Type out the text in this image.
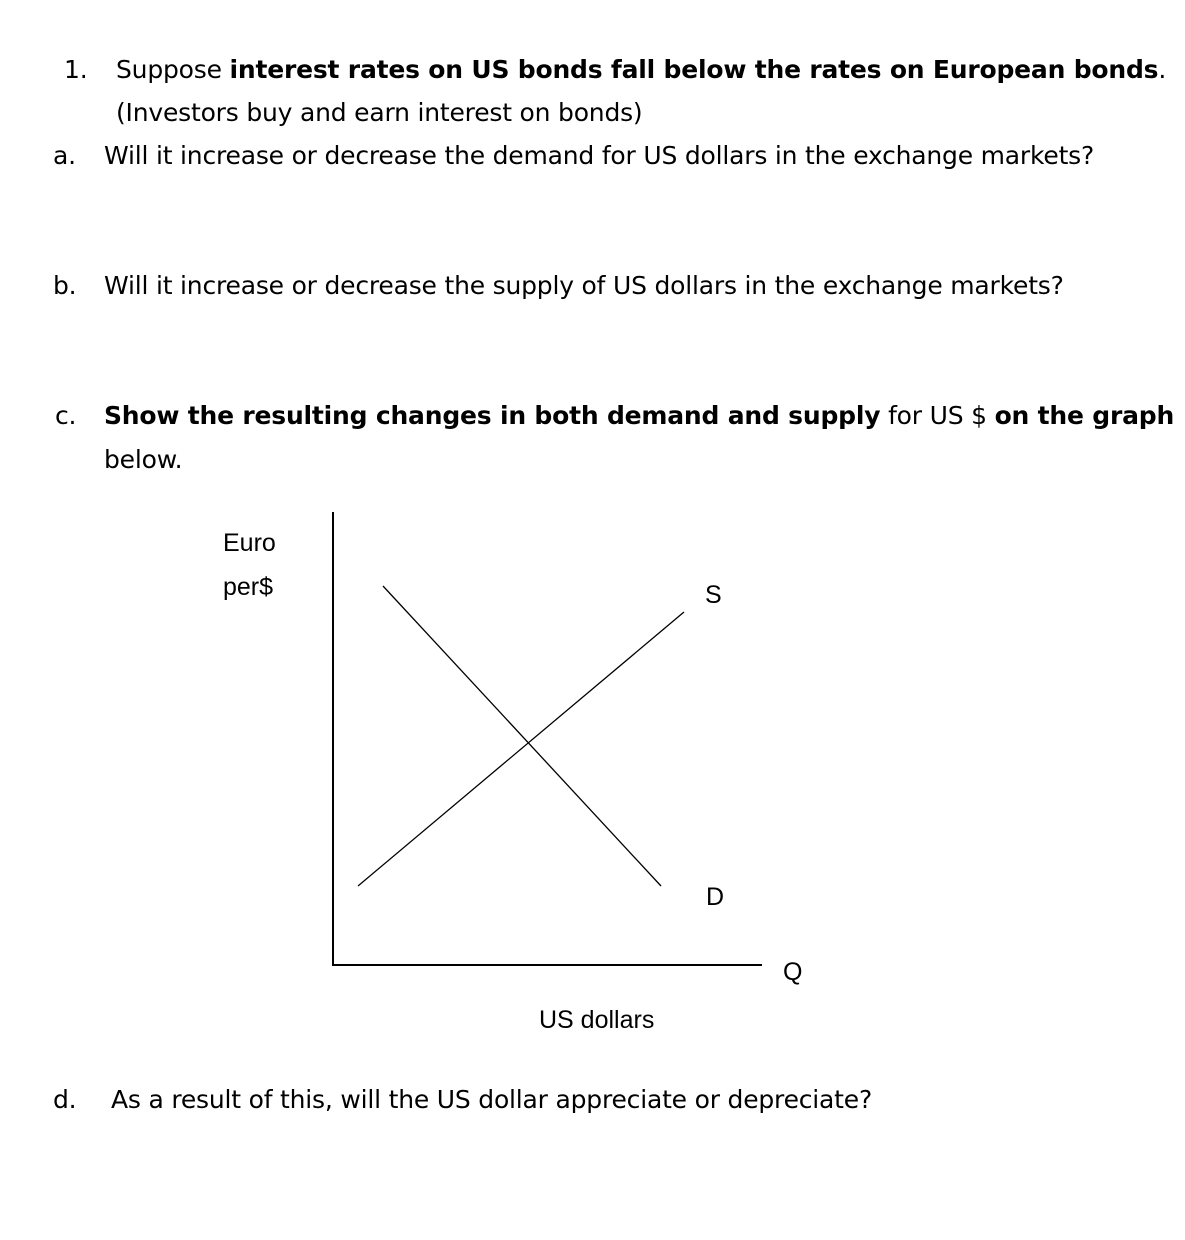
1. Suppose interest rates on US bonds fall below the rates on European bonds.
(Investors buy and earn interest on bonds)
a. Will it increase or decrease the demand for US dollars in the exchange markets?
b. Will it increase or decrease the supply of US dollars in the exchange markets?
c. Show the resulting changes in both demand and supply for US $ on the graph
below.
Euro
per$	S
D
Q
US dollars
d. As a result of this, will the US dollar appreciate or depreciate?
